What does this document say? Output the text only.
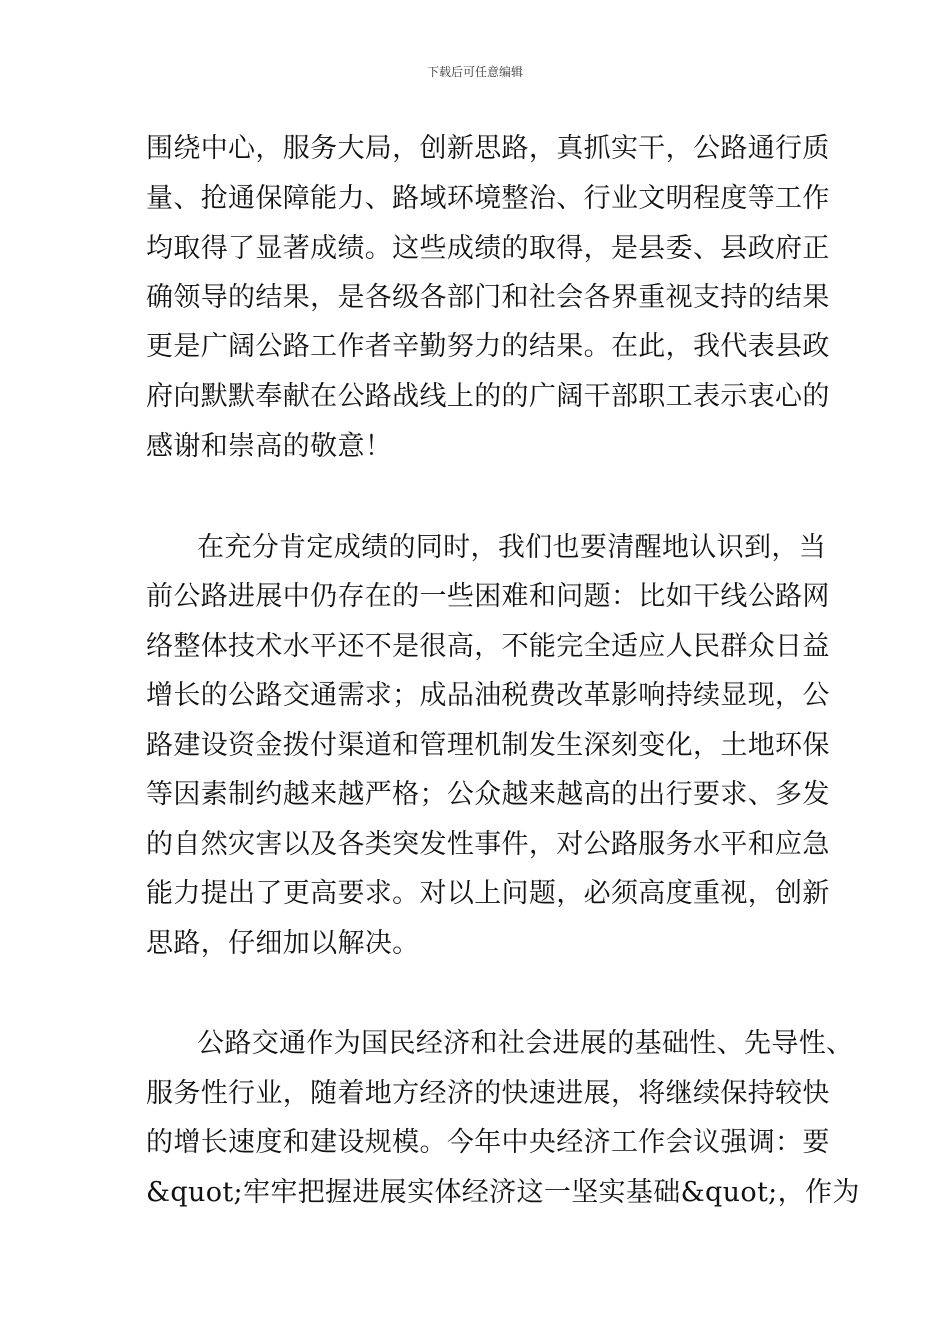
下载后可任意编辑
围绕中心，服务大局，创新思路，真抓实干，公路通行质
量、抢通保障能力、路域环境整治、行业文明程度等工作
均取得了显著成绩。这些成绩的取得，是县委、县政府正
确领导的结果，是各级各部门和社会各界重视支持的结果
更是广阔公路工作者辛勤努力的结果。在此，我代表县政
府向默默奉献在公路战线上的的广阔干部职工表示衷心的
感谢和崇高的敬意！
在充分肯定成绩的同时，我们也要清醒地认识到，当
前公路进展中仍存在的一些困难和问题：比如干线公路网
络整体技术水平还不是很高，不能完全适应人民群众日益
增长的公路交通需求；成品油税费改革影响持续显现，公
路建设资金拨付渠道和管理机制发生深刻变化，土地环保
等因素制约越来越严格；公众越来越高的出行要求、多发
的自然灾害以及各类突发性事件，对公路服务水平和应急
能力提出了更高要求。对以上问题，必须高度重视，创新
思路，仔细加以解决。
公路交通作为国民经济和社会进展的基础性、先导性、
服务性行业，随着地方经济的快速进展，将继续保持较快
的增长速度和建设规模。今年中央经济工作会议强调：要
&quot;牢牢把握进展实体经济这一坚实基础&quot;，作为
